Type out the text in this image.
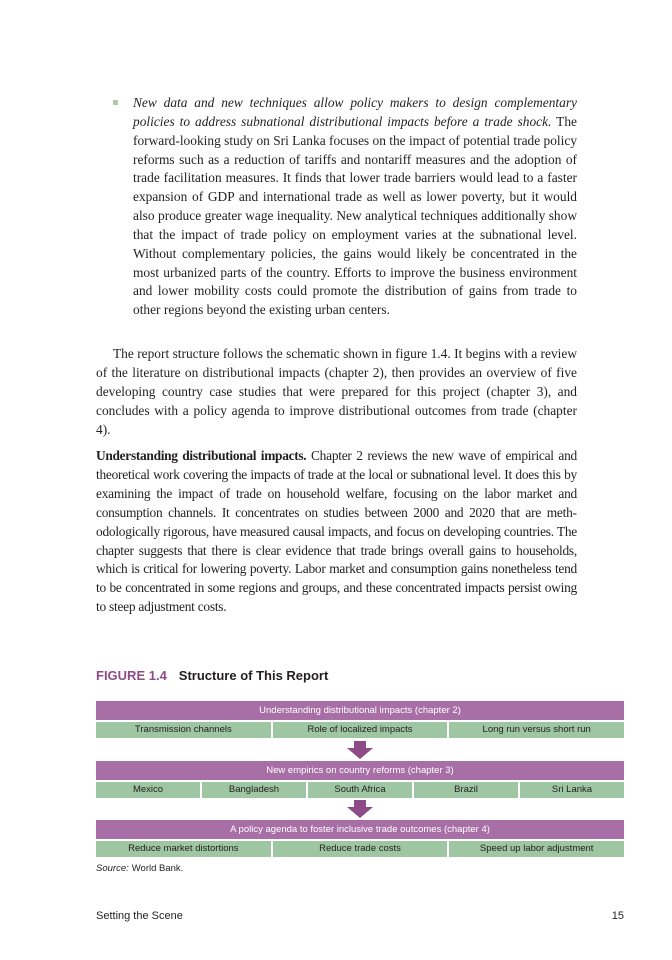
New data and new techniques allow policy makers to design complementary policies to address subnational distributional impacts before a trade shock. The forward-looking study on Sri Lanka focuses on the impact of potential trade policy reforms such as a reduction of tariffs and nontariff measures and the adoption of trade facilitation measures. It finds that lower trade barriers would lead to a faster expansion of GDP and international trade as well as lower poverty, but it would also produce greater wage inequality. New analytical techniques additionally show that the impact of trade policy on employment varies at the subnational level. Without complementary policies, the gains would likely be concentrated in the most urbanized parts of the country. Efforts to improve the business environment and lower mobility costs could promote the distribution of gains from trade to other regions beyond the existing urban centers.

The report structure follows the schematic shown in figure 1.4. It begins with a review of the literature on distributional impacts (chapter 2), then provides an overview of five developing country case studies that were prepared for this project (chapter 3), and concludes with a policy agenda to improve distributional outcomes from trade (chapter 4).

Understanding distributional impacts. Chapter 2 reviews the new wave of empirical and theoretical work covering the impacts of trade at the local or subnational level. It does this by examining the impact of trade on household welfare, focusing on the labor market and consumption channels. It concentrates on studies between 2000 and 2020 that are methodologically rigorous, have measured causal impacts, and focus on developing countries. The chapter suggests that there is clear evidence that trade brings overall gains to households, which is critical for lowering poverty. Labor market and consumption gains nonetheless tend to be concentrated in some regions and groups, and these concentrated impacts persist owing to steep adjustment costs.

FIGURE 1.4 Structure of This Report
Understanding distributional impacts (chapter 2)
Transmission channels	Role of localized impacts	Long run versus short run
New empirics on country reforms (chapter 3)
Mexico	Bangladesh	South Africa	Brazil	Sri Lanka
A policy agenda to foster inclusive trade outcomes (chapter 4)
Reduce market distortions	Reduce trade costs	Speed up labor adjustment

Source: World Bank.

Setting the Scene	15
